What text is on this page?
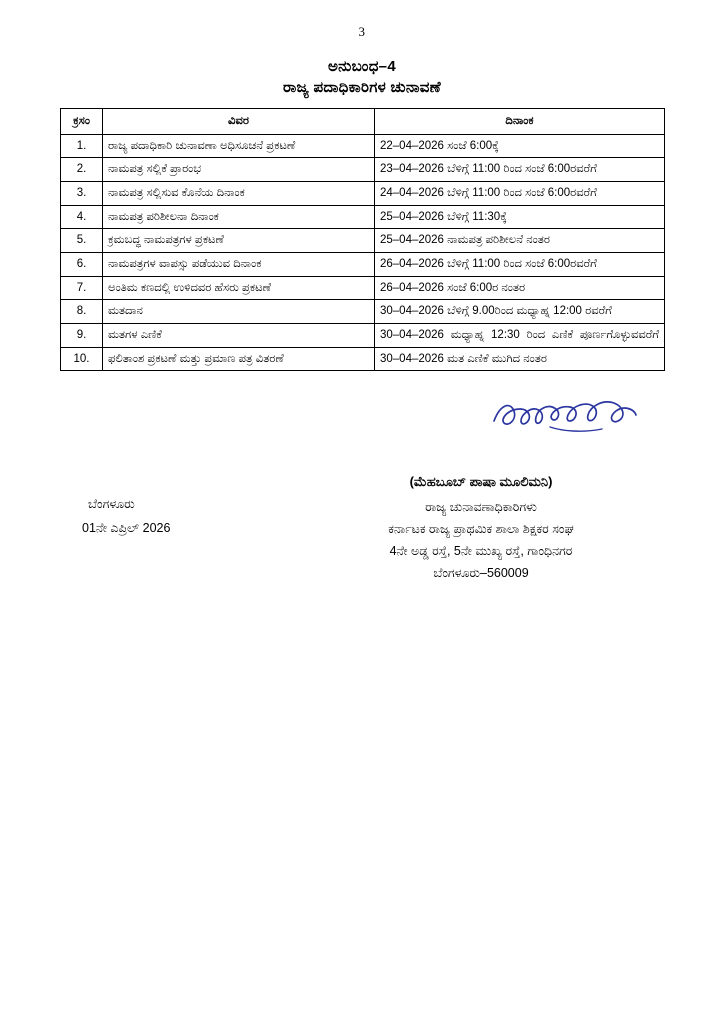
3
ಅನುಬಂಧ–4
ರಾಜ್ಯ ಪದಾಧಿಕಾರಿಗಳ ಚುನಾವಣೆ
ಕ್ರಸಂ	ವಿವರ	ದಿನಾಂಕ
1.	ರಾಜ್ಯ ಪದಾಧಿಕಾರಿ ಚುನಾವಣಾ ಅಧಿಸೂಚನೆ ಪ್ರಕಟಣೆ	22–04–2026 ಸಂಜೆ 6:00ಕ್ಕೆ
2.	ನಾಮಪತ್ರ ಸಲ್ಲಿಕೆ ಪ್ರಾರಂಭ	23–04–2026 ಬೆಳಿಗ್ಗೆ 11:00 ರಿಂದ ಸಂಜೆ 6:00ರವರೆಗೆ
3.	ನಾಮಪತ್ರ ಸಲ್ಲಿಸುವ ಕೊನೆಯ ದಿನಾಂಕ	24–04–2026 ಬೆಳಿಗ್ಗೆ 11:00 ರಿಂದ ಸಂಜೆ 6:00ರವರೆಗೆ
4.	ನಾಮಪತ್ರ ಪರಿಶೀಲನಾ ದಿನಾಂಕ	25–04–2026 ಬೆಳಿಗ್ಗೆ 11:30ಕ್ಕೆ
5.	ಕ್ರಮಬದ್ಧ ನಾಮಪತ್ರಗಳ ಪ್ರಕಟಣೆ	25–04–2026 ನಾಮಪತ್ರ ಪರಿಶೀಲನೆ ನಂತರ
6.	ನಾಮಪತ್ರಗಳ ವಾಪಸ್ಸು ಪಡೆಯುವ ದಿನಾಂಕ	26–04–2026 ಬೆಳಿಗ್ಗೆ 11:00 ರಿಂದ ಸಂಜೆ 6:00ರವರೆಗೆ
7.	ಅಂತಿಮ ಕಣದಲ್ಲಿ ಉಳಿದವರ ಹೆಸರು ಪ್ರಕಟಣೆ	26–04–2026 ಸಂಜೆ 6:00ರ ನಂತರ
8.	ಮತದಾನ	30–04–2026 ಬೆಳಿಗ್ಗೆ 9.00ರಿಂದ ಮಧ್ಯಾಹ್ನ 12:00 ರವರೆಗೆ
9.	ಮತಗಳ ಎಣಿಕೆ	30–04–2026 ಮಧ್ಯಾಹ್ನ 12:30 ರಿಂದ ಎಣಿಕೆ ಪೂರ್ಣಗೊಳ್ಳುವವರೆಗೆ
10.	ಫಲಿತಾಂಶ ಪ್ರಕಟಣೆ ಮತ್ತು ಪ್ರಮಾಣ ಪತ್ರ ವಿತರಣೆ	30–04–2026 ಮತ ಎಣಿಕೆ ಮುಗಿದ ನಂತರ
ಬೆಂಗಳೂರು
01ನೇ ಎಪ್ರಿಲ್ 2026
(ಮೆಹಬೂಬ್ ಪಾಷಾ ಮೂಲಿಮನಿ)
ರಾಜ್ಯ ಚುನಾವಣಾಧಿಕಾರಿಗಳು
ಕರ್ನಾಟಕ ರಾಜ್ಯ ಪ್ರಾಥಮಿಕ ಶಾಲಾ ಶಿಕ್ಷಕರ ಸಂಘ
4ನೇ ಅಡ್ಡ ರಸ್ತೆ, 5ನೇ ಮುಖ್ಯ ರಸ್ತೆ, ಗಾಂಧಿನಗರ
ಬೆಂಗಳೂರು–560009
